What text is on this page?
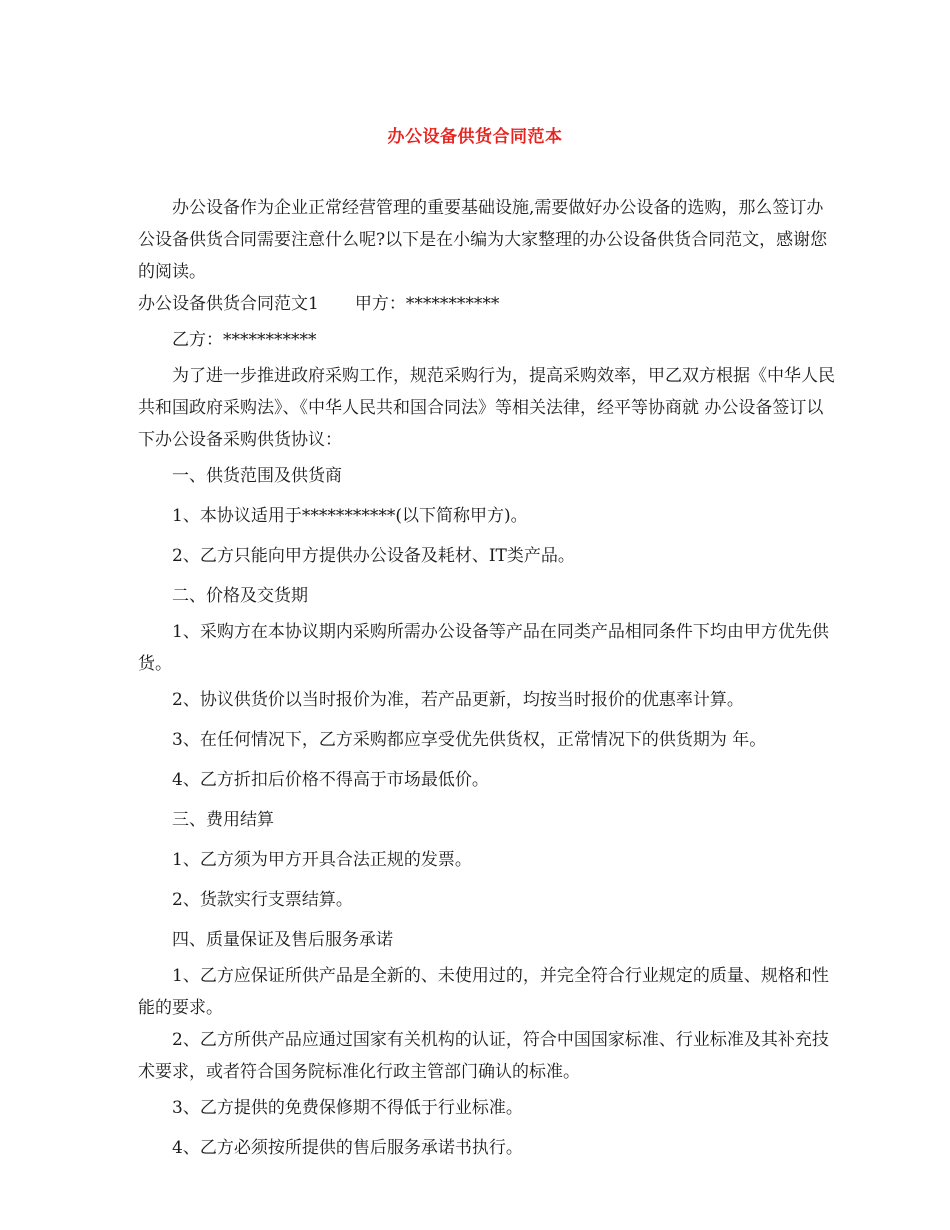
办公设备供货合同范本

办公设备作为企业正常经营管理的重要基础设施,需要做好办公设备的选购，那么签订办公设备供货合同需要注意什么呢?以下是在小编为大家整理的办公设备供货合同范文，感谢您的阅读。

办公设备供货合同范文1 甲方：***********

乙方：***********

为了进一步推进政府采购工作，规范采购行为，提高采购效率，甲乙双方根据《中华人民共和国政府采购法》、《中华人民共和国合同法》等相关法律，经平等协商就 办公设备签订以下办公设备采购供货协议：

一、供货范围及供货商

1、本协议适用于***********(以下简称甲方)。

2、乙方只能向甲方提供办公设备及耗材、IT类产品。

二、价格及交货期

1、采购方在本协议期内采购所需办公设备等产品在同类产品相同条件下均由甲方优先供货。

2、协议供货价以当时报价为准，若产品更新，均按当时报价的优惠率计算。

3、在任何情况下，乙方采购都应享受优先供货权，正常情况下的供货期为 年。

4、乙方折扣后价格不得高于市场最低价。

三、费用结算

1、乙方须为甲方开具合法正规的发票。

2、货款实行支票结算。

四、质量保证及售后服务承诺

1、乙方应保证所供产品是全新的、未使用过的，并完全符合行业规定的质量、规格和性能的要求。

2、乙方所供产品应通过国家有关机构的认证，符合中国国家标准、行业标准及其补充技术要求，或者符合国务院标准化行政主管部门确认的标准。

3、乙方提供的免费保修期不得低于行业标准。

4、乙方必须按所提供的售后服务承诺书执行。
